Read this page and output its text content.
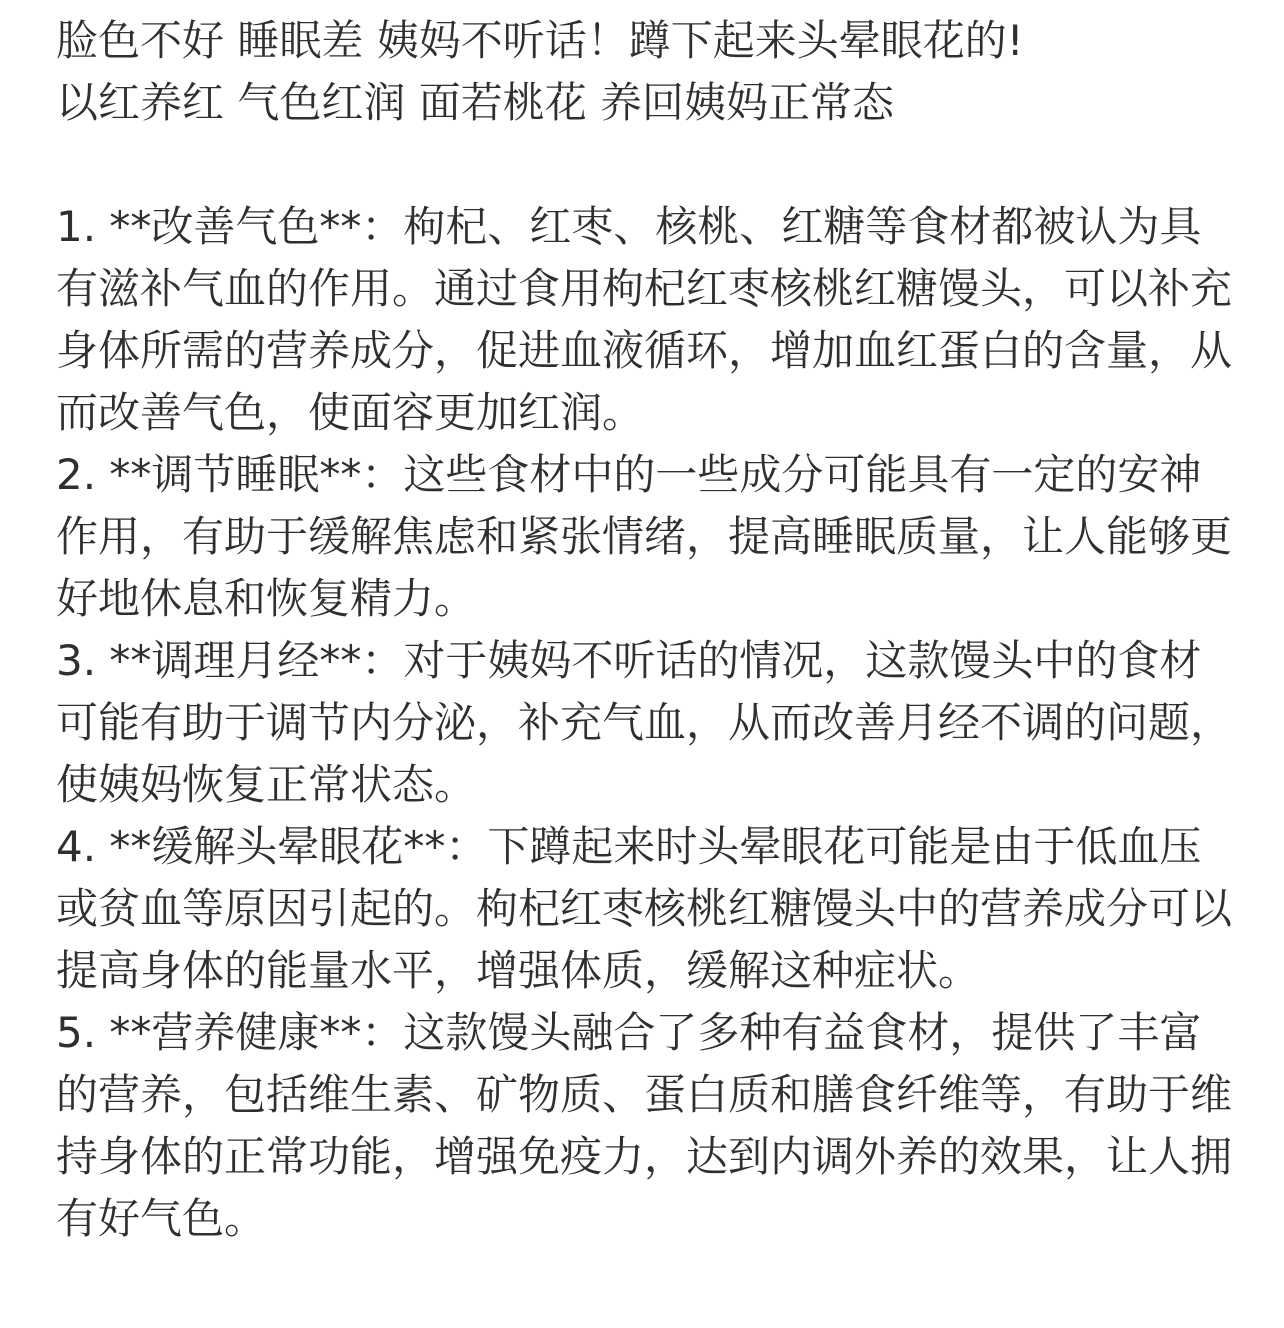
脸色不好 睡眠差 姨妈不听话！蹲下起来头晕眼花的!

以红养红 气色红润 面若桃花 养回姨妈正常态

1. **改善气色**：枸杞、红枣、核桃、红糖等食材都被认为具有滋补气血的作用。通过食用枸杞红枣核桃红糖馒头，可以补充身体所需的营养成分，促进血液循环，增加血红蛋白的含量，从而改善气色，使面容更加红润。

2. **调节睡眠**：这些食材中的一些成分可能具有一定的安神作用，有助于缓解焦虑和紧张情绪，提高睡眠质量，让人能够更好地休息和恢复精力。

3. **调理月经**：对于姨妈不听话的情况，这款馒头中的食材可能有助于调节内分泌，补充气血，从而改善月经不调的问题，使姨妈恢复正常状态。

4. **缓解头晕眼花**：下蹲起来时头晕眼花可能是由于低血压或贫血等原因引起的。枸杞红枣核桃红糖馒头中的营养成分可以提高身体的能量水平，增强体质，缓解这种症状。

5. **营养健康**：这款馒头融合了多种有益食材，提供了丰富的营养，包括维生素、矿物质、蛋白质和膳食纤维等，有助于维持身体的正常功能，增强免疫力，达到内调外养的效果，让人拥有好气色。
